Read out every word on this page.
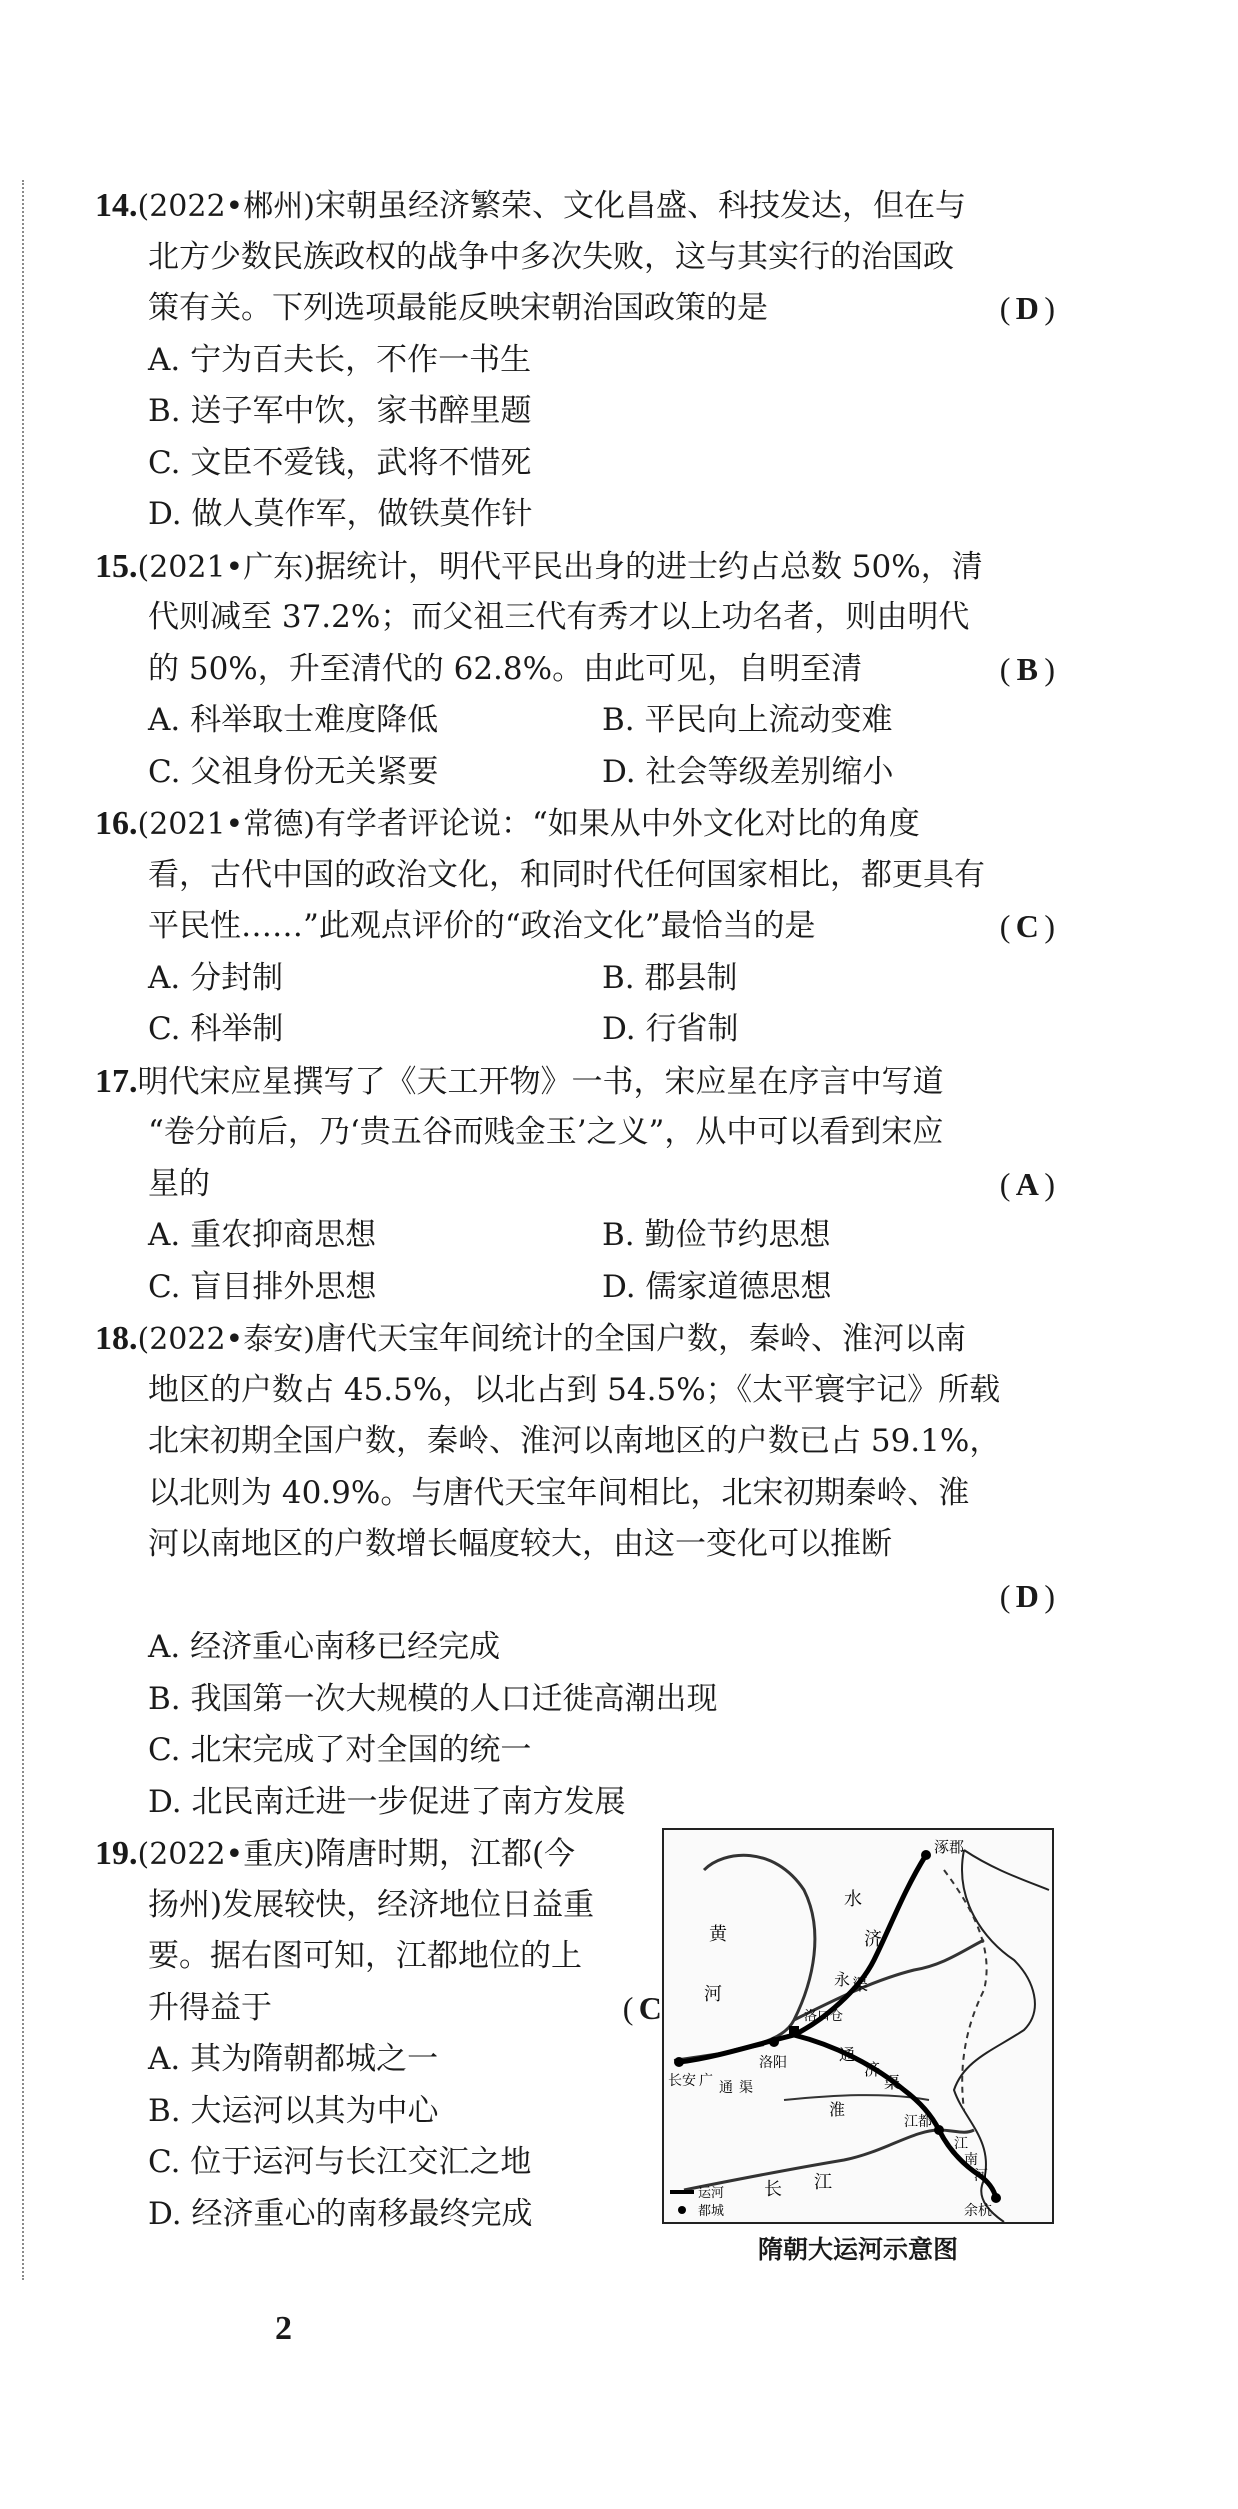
14.(2022•郴州)宋朝虽经济繁荣、文化昌盛、科技发达，但在与
北方少数民族政权的战争中多次失败，这与其实行的治国政
策有关。下列选项最能反映宋朝治国政策的是	( D )
A. 宁为百夫长，不作一书生
B. 送子军中饮，家书醉里题
C. 文臣不爱钱，武将不惜死
D. 做人莫作军，做铁莫作针
15.(2021•广东)据统计，明代平民出身的进士约占总数 50%，清
代则减至 37.2%；而父祖三代有秀才以上功名者，则由明代
的 50%，升至清代的 62.8%。由此可见，自明至清	( B )
A. 科举取士难度降低	B. 平民向上流动变难
C. 父祖身份无关紧要	D. 社会等级差别缩小
16.(2021•常德)有学者评论说：“如果从中外文化对比的角度
看，古代中国的政治文化，和同时代任何国家相比，都更具有
平民性……”此观点评价的“政治文化”最恰当的是	( C )
A. 分封制	B. 郡县制
C. 科举制	D. 行省制
17.明代宋应星撰写了《天工开物》一书，宋应星在序言中写道
“卷分前后，乃‘贵五谷而贱金玉’之义”，从中可以看到宋应
星的	( A )
A. 重农抑商思想	B. 勤俭节约思想
C. 盲目排外思想	D. 儒家道德思想
18.(2022•泰安)唐代天宝年间统计的全国户数，秦岭、淮河以南
地区的户数占 45.5%，以北占到 54.5%；《太平寰宇记》所载
北宋初期全国户数，秦岭、淮河以南地区的户数已占 59.1%，
以北则为 40.9%。与唐代天宝年间相比，北宋初期秦岭、淮
河以南地区的户数增长幅度较大，由这一变化可以推断
( D )
A. 经济重心南移已经完成
B. 我国第一次大规模的人口迁徙高潮出现
C. 北宋完成了对全国的统一
D. 北民南迁进一步促进了南方发展
19.(2022•重庆)隋唐时期，江都(今
扬州)发展较快，经济地位日益重
要。据右图可知，江都地位的上
升得益于	( C
A. 其为隋朝都城之一
B. 大运河以其为中心
C. 位于运河与长江交汇之地
D. 经济重心的南移最终完成
涿郡
黄
河
水
济
永 渠
长安
洛阳
洛口仓
通
济
渠
广 通 渠
淮
江都
江
南
河
余杭
长 江
运河
都城
隋朝大运河示意图
2
